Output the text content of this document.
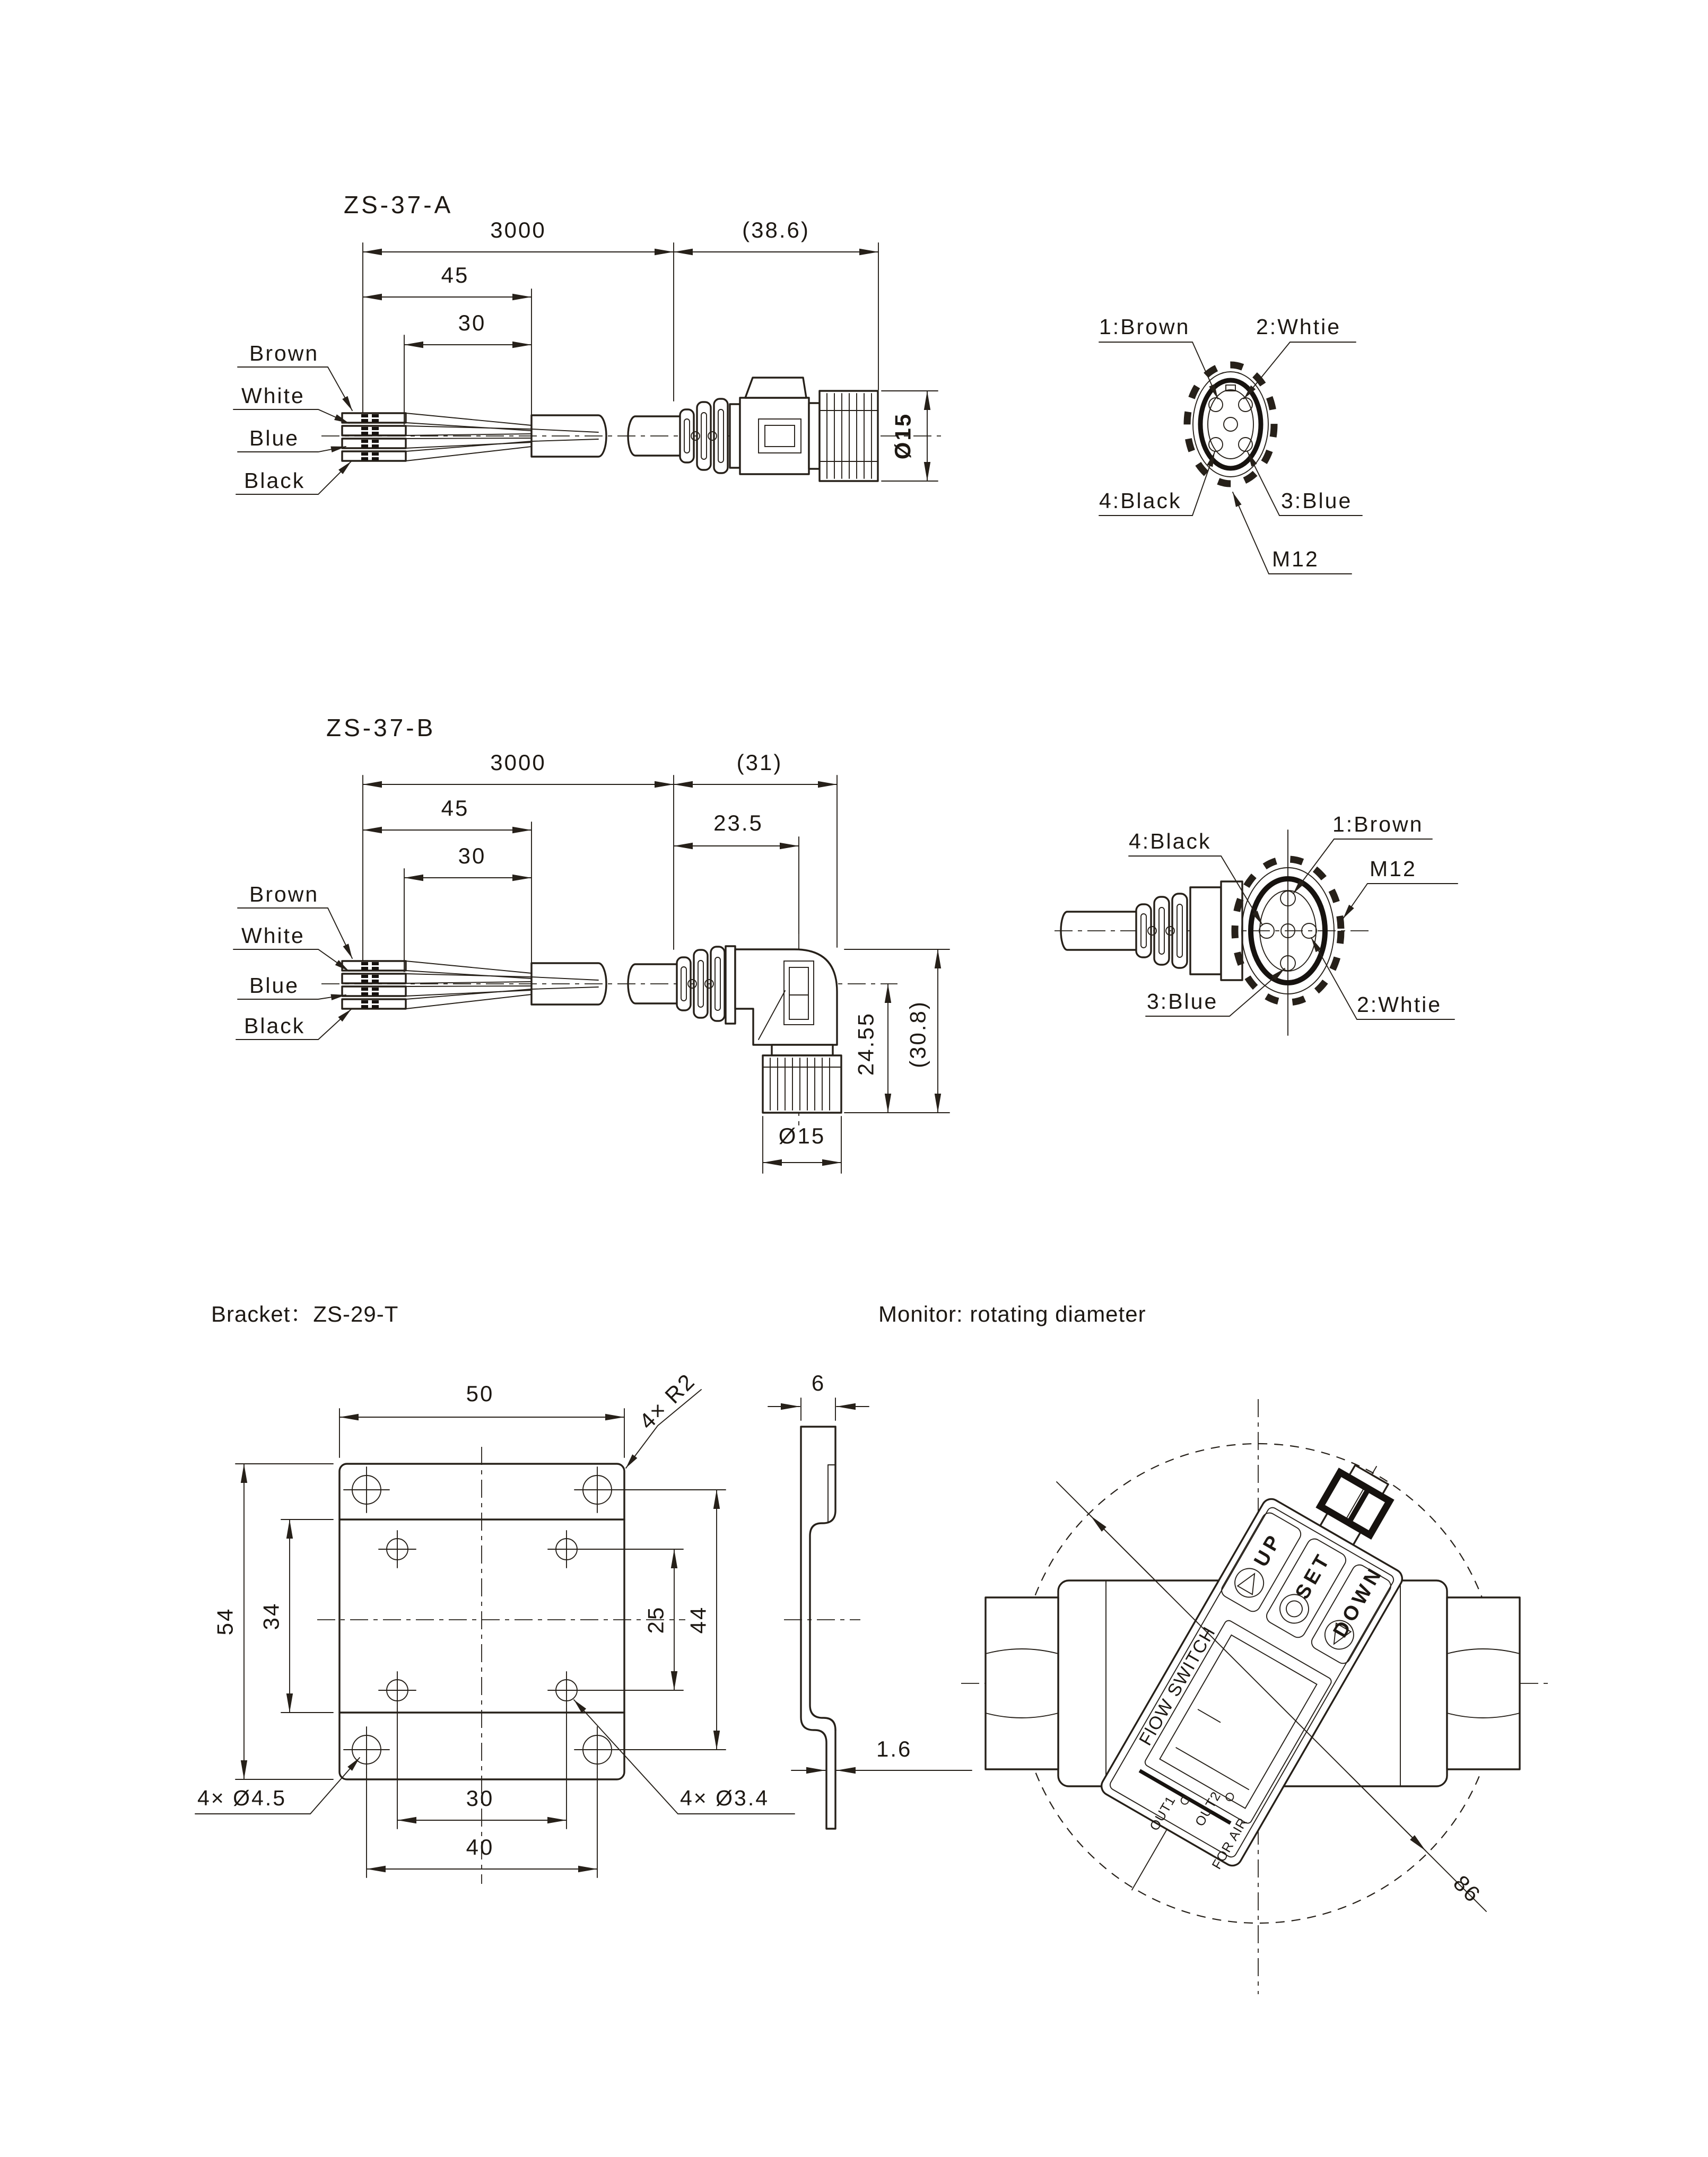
ZS-37-A
3000	(38.6)
45
30
Ø15
Brown
White
Blue
Black
1:Brown	2:Whtie
4:Black	3:Blue
M12
ZS-37-B
3000	(31)
45
23.5
30
24.55 (30.8)
Ø15
Brown
White
Blue
Black
4:Black
1:Brown
M12
3:Blue	2:Whtie
Bracket：ZS-29-T
50
54 34	25 44
30
40
4× R2
4× Ø4.5	4× Ø3.4
6
1.6
Monitor: rotating diameter
UP SET
DOWN
FlOW SWITCH
OUT1 OUT2
FOR AIR
86
